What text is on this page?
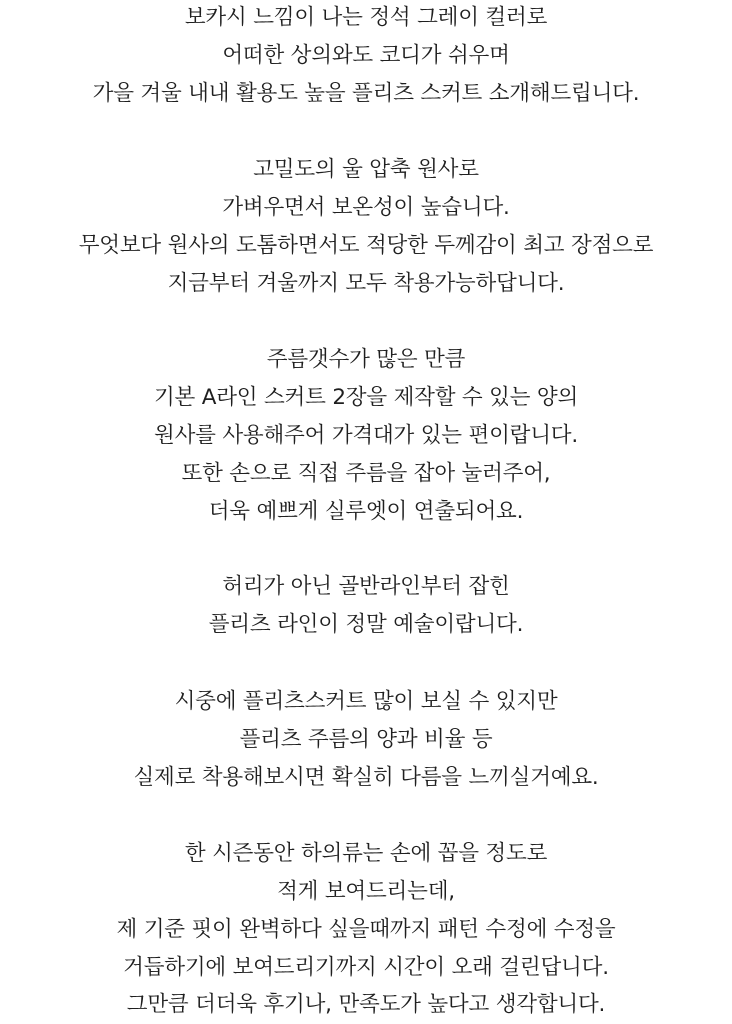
보카시 느낌이 나는 정석 그레이 컬러로
어떠한 상의와도 코디가 쉬우며
가을 겨울 내내 활용도 높을 플리츠 스커트 소개해드립니다.
고밀도의 울 압축 원사로
가벼우면서 보온성이 높습니다.
무엇보다 원사의 도톰하면서도 적당한 두께감이 최고 장점으로
지금부터 겨울까지 모두 착용가능하답니다.
주름갯수가 많은 만큼
기본 A라인 스커트 2장을 제작할 수 있는 양의
원사를 사용해주어 가격대가 있는 편이랍니다.
또한 손으로 직접 주름을 잡아 눌러주어,
더욱 예쁘게 실루엣이 연출되어요.
허리가 아닌 골반라인부터 잡힌
플리츠 라인이 정말 예술이랍니다.
시중에 플리츠스커트 많이 보실 수 있지만
플리츠 주름의 양과 비율 등
실제로 착용해보시면 확실히 다름을 느끼실거예요.
한 시즌동안 하의류는 손에 꼽을 정도로
적게 보여드리는데,
제 기준 핏이 완벽하다 싶을때까지 패턴 수정에 수정을
거듭하기에 보여드리기까지 시간이 오래 걸린답니다.
그만큼 더더욱 후기나, 만족도가 높다고 생각합니다.
